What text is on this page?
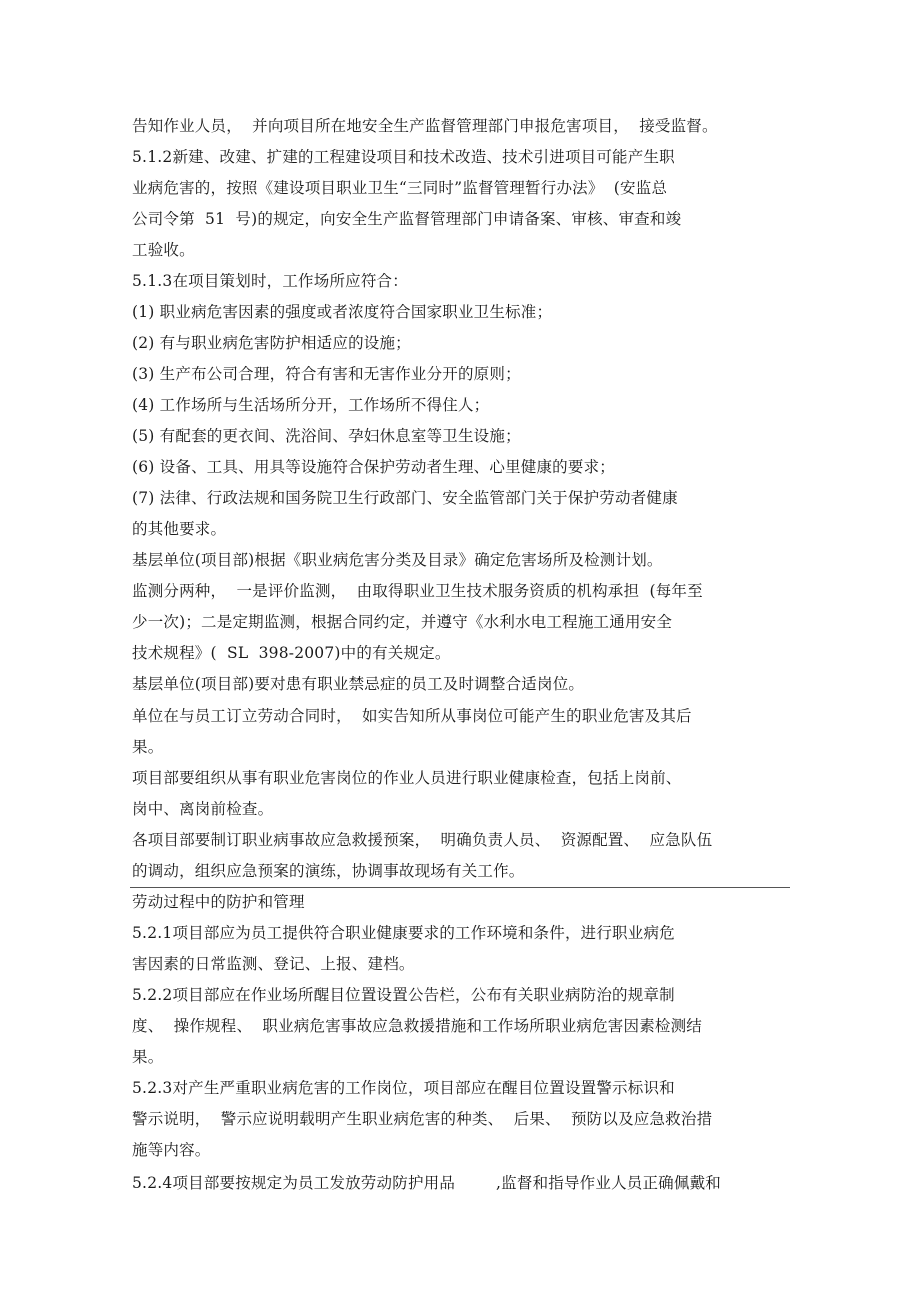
告知作业人员，  并向项目所在地安全生产监督管理部门申报危害项目，  接受监督。
5.1.2新建、改建、扩建的工程建设项目和技术改造、技术引进项目可能产生职
业病危害的，按照《建设项目职业卫生“三同时”监督管理暂行办法》  (安监总
公司令第  51  号)的规定，向安全生产监督管理部门申请备案、审核、审查和竣
工验收。
5.1.3在项目策划时，工作场所应符合：
(1) 职业病危害因素的强度或者浓度符合国家职业卫生标准；
(2) 有与职业病危害防护相适应的设施；
(3) 生产布公司合理，符合有害和无害作业分开的原则；
(4) 工作场所与生活场所分开，工作场所不得住人；
(5) 有配套的更衣间、洗浴间、孕妇休息室等卫生设施；
(6) 设备、工具、用具等设施符合保护劳动者生理、心里健康的要求；
(7) 法律、行政法规和国务院卫生行政部门、安全监管部门关于保护劳动者健康
的其他要求。
基层单位(项目部)根据《职业病危害分类及目录》确定危害场所及检测计划。
监测分两种，  一是评价监测，  由取得职业卫生技术服务资质的机构承担  (每年至
少一次)；二是定期监测，根据合同约定，并遵守《水利水电工程施工通用安全
技术规程》(  SL  398-2007)中的有关规定。
基层单位(项目部)要对患有职业禁忌症的员工及时调整合适岗位。
单位在与员工订立劳动合同时，  如实告知所从事岗位可能产生的职业危害及其后
果。
项目部要组织从事有职业危害岗位的作业人员进行职业健康检查，包括上岗前、
岗中、离岗前检查。
各项目部要制订职业病事故应急救援预案，  明确负责人员、  资源配置、  应急队伍
的调动，组织应急预案的演练，协调事故现场有关工作。
劳动过程中的防护和管理
5.2.1项目部应为员工提供符合职业健康要求的工作环境和条件，进行职业病危
害因素的日常监测、登记、上报、建档。
5.2.2项目部应在作业场所醒目位置设置公告栏，公布有关职业病防治的规章制
度、  操作规程、  职业病危害事故应急救援措施和工作场所职业病危害因素检测结
果。
5.2.3对产生严重职业病危害的工作岗位，项目部应在醒目位置设置警示标识和
警示说明，  警示应说明载明产生职业病危害的种类、  后果、  预防以及应急救治措
施等内容。
5.2.4项目部要按规定为员工发放劳动防护用品        ,监督和指导作业人员正确佩戴和
